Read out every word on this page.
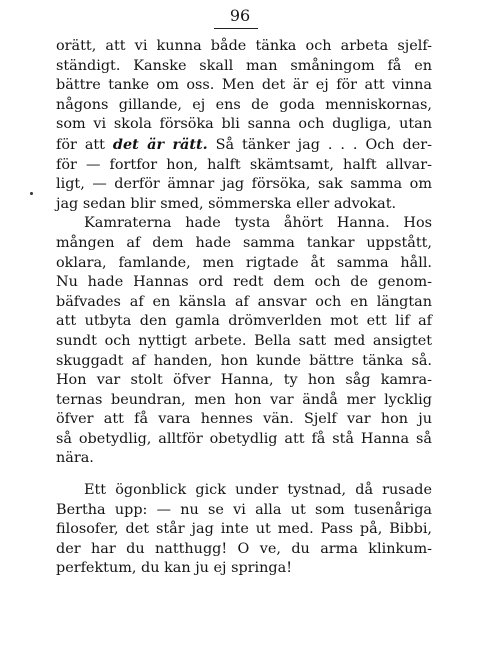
96
orätt, att vi kunna både tänka och arbeta sjelf-
ständigt. Kanske skall man småningom få en
bättre tanke om oss. Men det är ej för att vinna
någons gillande, ej ens de goda menniskornas,
som vi skola försöka bli sanna och dugliga, utan
för att det är rätt. Så tänker jag . . . Och der-
för — fortfor hon, halft skämtsamt, halft allvar-
ligt, — derför ämnar jag försöka, sak samma om
jag sedan blir smed, sömmerska eller advokat.
Kamraterna hade tysta åhört Hanna. Hos
mången af dem hade samma tankar uppstått,
oklara, famlande, men rigtade åt samma håll.
Nu hade Hannas ord redt dem och de genom-
bäfvades af en känsla af ansvar och en längtan
att utbyta den gamla drömverlden mot ett lif af
sundt och nyttigt arbete. Bella satt med ansigtet
skuggadt af handen, hon kunde bättre tänka så.
Hon var stolt öfver Hanna, ty hon såg kamra-
ternas beundran, men hon var ändå mer lycklig
öfver att få vara hennes vän. Sjelf var hon ju
så obetydlig, alltför obetydlig att få stå Hanna så
nära.
Ett ögonblick gick under tystnad, då rusade
Bertha upp: — nu se vi alla ut som tusenåriga
filosofer, det står jag inte ut med. Pass på, Bibbi,
der har du natthugg! O ve, du arma klinkum-
perfektum, du kan ju ej springa!
